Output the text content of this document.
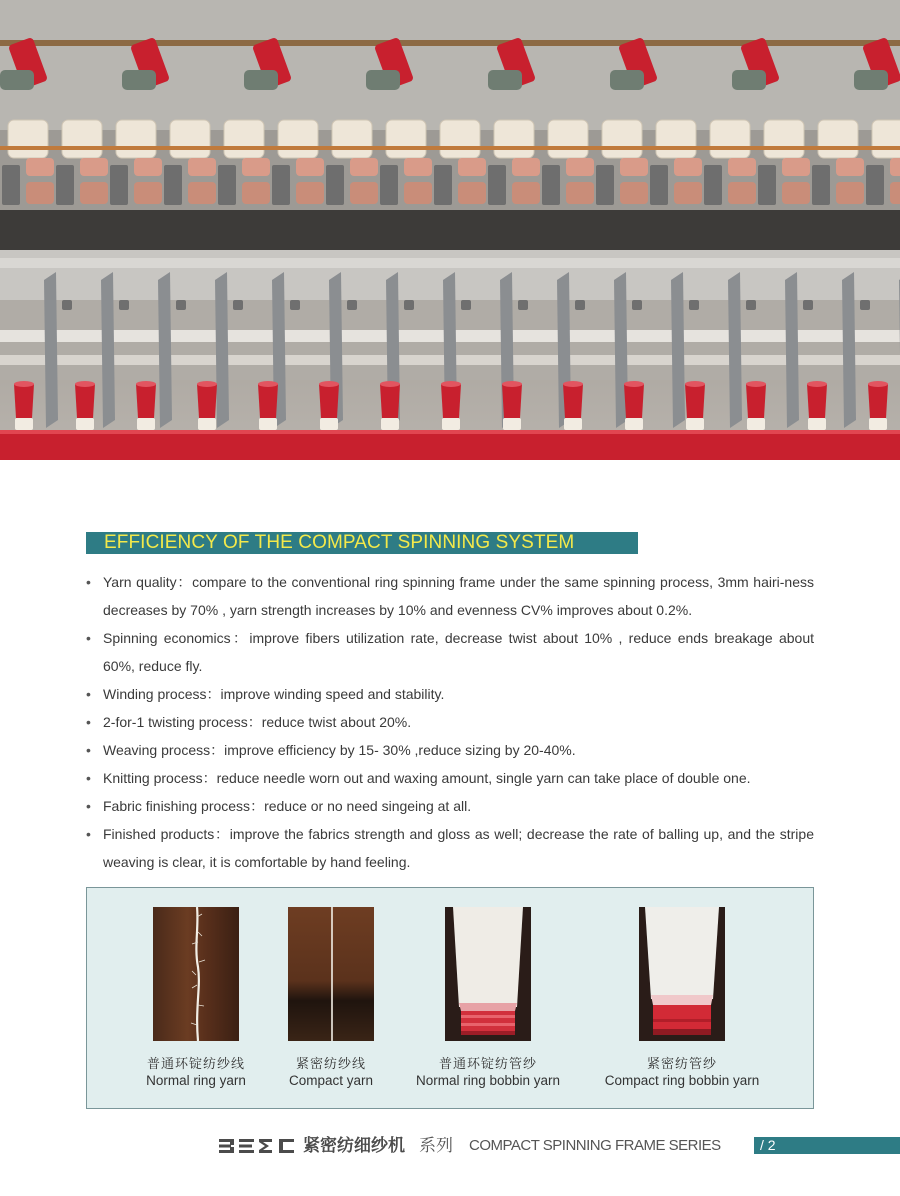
EFFICIENCY OF THE COMPACT SPINNING SYSTEM
• Yarn quality：compare to the conventional ring spinning frame under the same spinning process, 3mm hairi-ness decreases by 70% , yarn strength increases by 10% and evenness CV% improves about 0.2%.
• Spinning economics：improve fibers utilization rate, decrease twist about 10% , reduce ends breakage about 60%, reduce fly.
• Winding process：improve winding speed and stability.
• 2-for-1 twisting process：reduce twist about 20%.
• Weaving process：improve efficiency by 15- 30% ,reduce sizing by 20-40%.
• Knitting process：reduce needle worn out and waxing amount, single yarn can take place of double one.
• Fabric finishing process：reduce or no need singeing at all.
• Finished products：improve the fabrics strength and gloss as well; decrease the rate of balling up, and the stripe weaving is clear, it is comfortable by hand feeling.
普通环锭纺纱线
Normal ring yarn
紧密纺纱线
Compact yarn
普通环锭纺管纱
Normal ring bobbin yarn
紧密纺管纱
Compact ring bobbin yarn
紧密纺细纱机 系列 COMPACT SPINNING FRAME SERIES	/ 2
